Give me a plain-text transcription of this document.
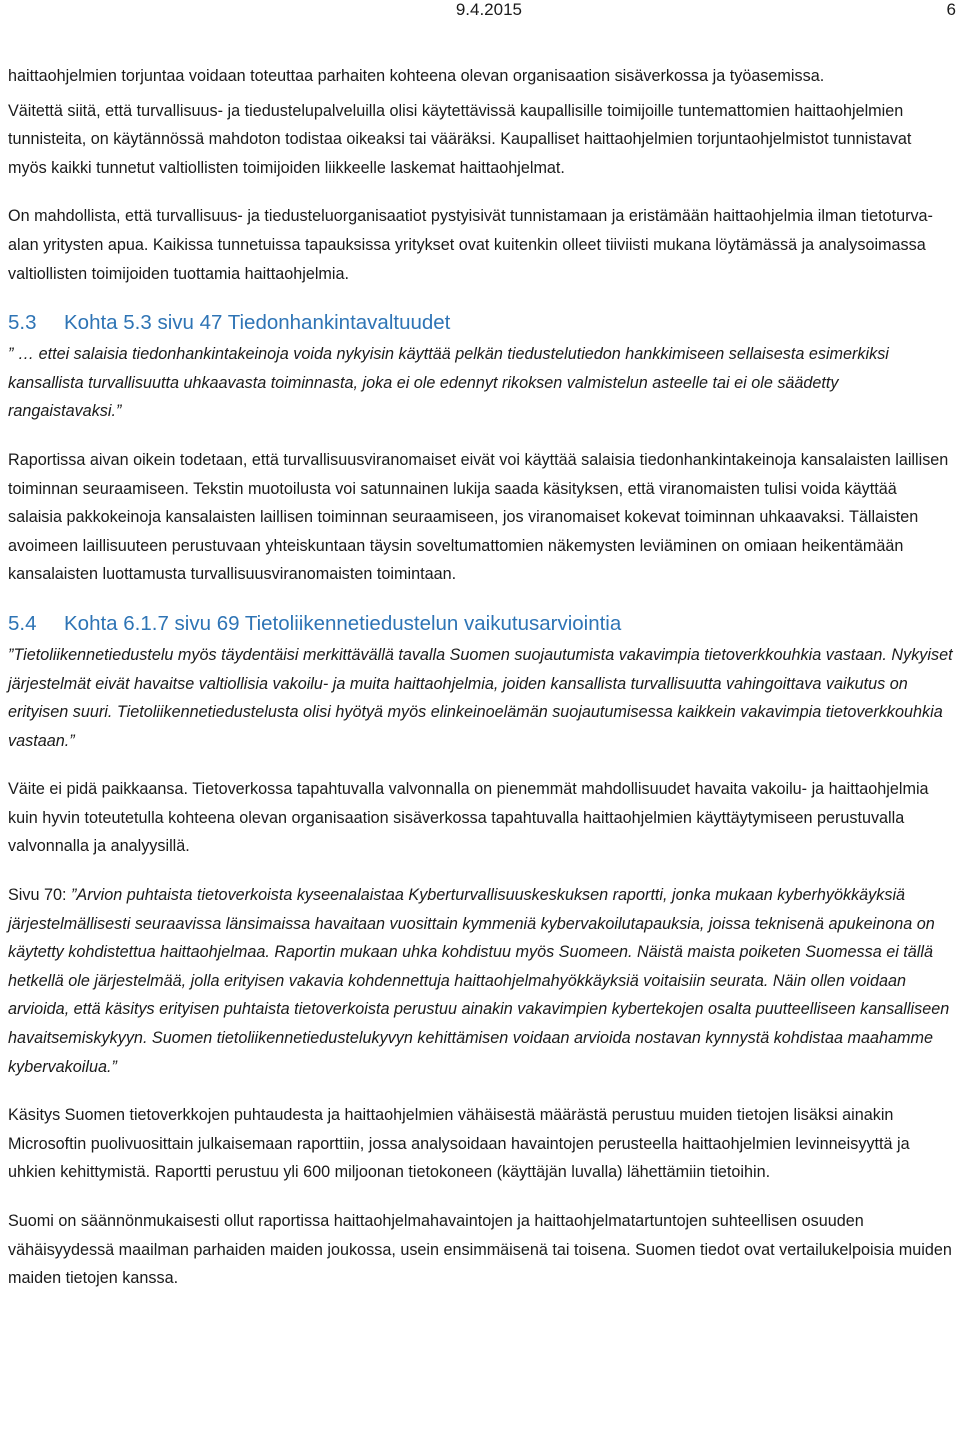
9.4.2015	6

haittaohjelmien torjuntaa voidaan toteuttaa parhaiten kohteena olevan organisaation sisäverkossa ja työasemissa.

Väitettä siitä, että turvallisuus- ja tiedustelupalveluilla olisi käytettävissä kaupallisille toimijoille tuntemattomien haittaohjelmien tunnisteita, on käytännössä mahdoton todistaa oikeaksi tai vääräksi. Kaupalliset haittaohjelmien torjuntaohjelmistot tunnistavat myös kaikki tunnetut valtiollisten toimijoiden liikkeelle laskemat haittaohjelmat.

On mahdollista, että turvallisuus- ja tiedusteluorganisaatiot pystyisivät tunnistamaan ja eristämään haittaohjelmia ilman tietoturva-alan yritysten apua. Kaikissa tunnetuissa tapauksissa yritykset ovat kuitenkin olleet tiiviisti mukana löytämässä ja analysoimassa valtiollisten toimijoiden tuottamia haittaohjelmia.

5.3 Kohta 5.3 sivu 47 Tiedonhankintavaltuudet

” … ettei salaisia tiedonhankintakeinoja voida nykyisin käyttää pelkän tiedustelutiedon hankkimiseen sellaisesta esimerkiksi kansallista turvallisuutta uhkaavasta toiminnasta, joka ei ole edennyt rikoksen valmistelun asteelle tai ei ole säädetty rangaistavaksi.”

Raportissa aivan oikein todetaan, että turvallisuusviranomaiset eivät voi käyttää salaisia tiedonhankintakeinoja kansalaisten laillisen toiminnan seuraamiseen. Tekstin muotoilusta voi satunnainen lukija saada käsityksen, että viranomaisten tulisi voida käyttää salaisia pakkokeinoja kansalaisten laillisen toiminnan seuraamiseen, jos viranomaiset kokevat toiminnan uhkaavaksi. Tällaisten avoimeen laillisuuteen perustuvaan yhteiskuntaan täysin soveltumattomien näkemysten leviäminen on omiaan heikentämään kansalaisten luottamusta turvallisuusviranomaisten toimintaan.

5.4 Kohta 6.1.7 sivu 69 Tietoliikennetiedustelun vaikutusarviointia

”Tietoliikennetiedustelu myös täydentäisi merkittävällä tavalla Suomen suojautumista vakavimpia tietoverkkouhkia vastaan. Nykyiset järjestelmät eivät havaitse valtiollisia vakoilu- ja muita haittaohjelmia, joiden kansallista turvallisuutta vahingoittava vaikutus on erityisen suuri. Tietoliikennetiedustelusta olisi hyötyä myös elinkeinoelämän suojautumisessa kaikkein vakavimpia tietoverkkouhkia vastaan.”

Väite ei pidä paikkaansa. Tietoverkossa tapahtuvalla valvonnalla on pienemmät mahdollisuudet havaita vakoilu- ja haittaohjelmia kuin hyvin toteutetulla kohteena olevan organisaation sisäverkossa tapahtuvalla haittaohjelmien käyttäytymiseen perustuvalla valvonnalla ja analyysillä.

Sivu 70: ”Arvion puhtaista tietoverkoista kyseenalaistaa Kyberturvallisuuskeskuksen raportti, jonka mukaan kyberhyökkäyksiä järjestelmällisesti seuraavissa länsimaissa havaitaan vuosittain kymmeniä kybervakoilutapauksia, joissa teknisenä apukeinona on käytetty kohdistettua haittaohjelmaa. Raportin mukaan uhka kohdistuu myös Suomeen. Näistä maista poiketen Suomessa ei tällä hetkellä ole järjestelmää, jolla erityisen vakavia kohdennettuja haittaohjelmahyökkäyksiä voitaisiin seurata. Näin ollen voidaan arvioida, että käsitys erityisen puhtaista tietoverkoista perustuu ainakin vakavimpien kybertekojen osalta puutteelliseen kansalliseen havaitsemiskykyyn. Suomen tietoliikennetiedustelukyvyn kehittämisen voidaan arvioida nostavan kynnystä kohdistaa maahamme kybervakoilua.”

Käsitys Suomen tietoverkkojen puhtaudesta ja haittaohjelmien vähäisestä määrästä perustuu muiden tietojen lisäksi ainakin Microsoftin puolivuosittain julkaisemaan raporttiin, jossa analysoidaan havaintojen perusteella haittaohjelmien levinneisyyttä ja uhkien kehittymistä. Raportti perustuu yli 600 miljoonan tietokoneen (käyttäjän luvalla) lähettämiin tietoihin.

Suomi on säännönmukaisesti ollut raportissa haittaohjelmahavaintojen ja haittaohjelmatartuntojen suhteellisen osuuden vähäisyydessä maailman parhaiden maiden joukossa, usein ensimmäisenä tai toisena. Suomen tiedot ovat vertailukelpoisia muiden maiden tietojen kanssa.
